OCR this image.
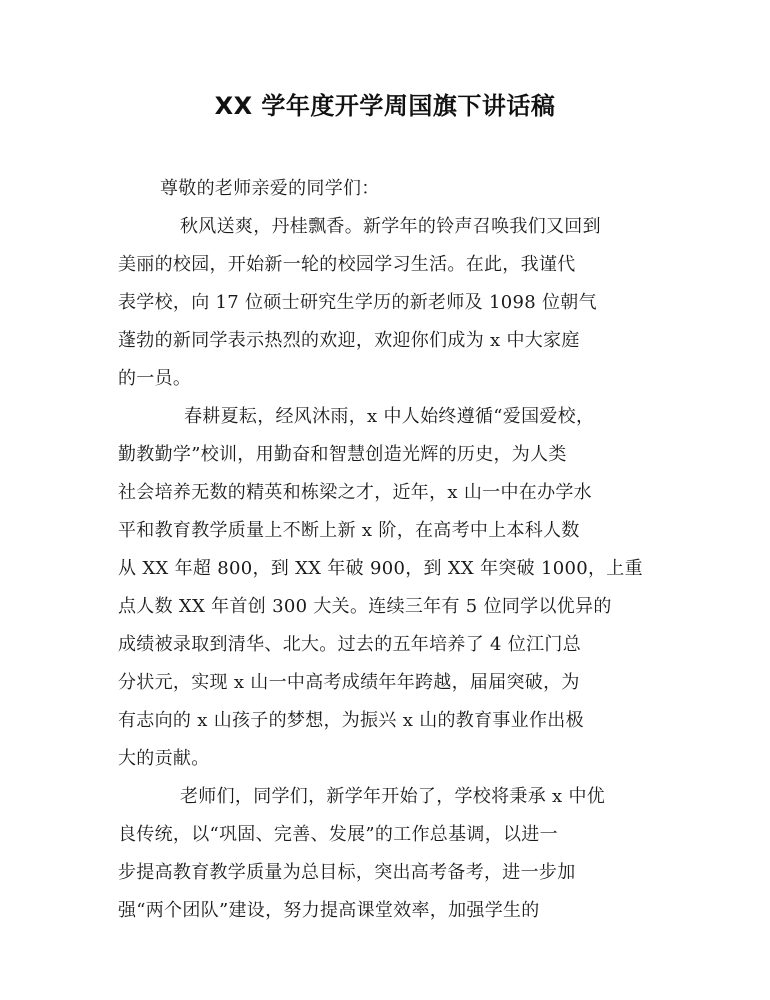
XX 学年度开学周国旗下讲话稿

尊敬的老师亲爱的同学们：

秋风送爽，丹桂飘香。新学年的铃声召唤我们又回到

美丽的校园，开始新一轮的校园学习生活。在此，我谨代

表学校，向 17 位硕士研究生学历的新老师及 1098 位朝气

蓬勃的新同学表示热烈的欢迎，欢迎你们成为 x 中大家庭

的一员。

春耕夏耘，经风沐雨，x 中人始终遵循“爱国爱校，

勤教勤学”校训，用勤奋和智慧创造光辉的历史，为人类

社会培养无数的精英和栋梁之才，近年，x 山一中在办学水

平和教育教学质量上不断上新 x 阶，在高考中上本科人数

从 XX 年超 800，到 XX 年破 900，到 XX 年突破 1000，上重

点人数 XX 年首创 300 大关。连续三年有 5 位同学以优异的

成绩被录取到清华、北大。过去的五年培养了 4 位江门总

分状元，实现 x 山一中高考成绩年年跨越，届届突破，为

有志向的 x 山孩子的梦想，为振兴 x 山的教育事业作出极

大的贡献。

老师们，同学们，新学年开始了，学校将秉承 x 中优

良传统，以“巩固、完善、发展”的工作总基调，以进一

步提高教育教学质量为总目标，突出高考备考，进一步加

强“两个团队”建设，努力提高课堂效率，加强学生的
